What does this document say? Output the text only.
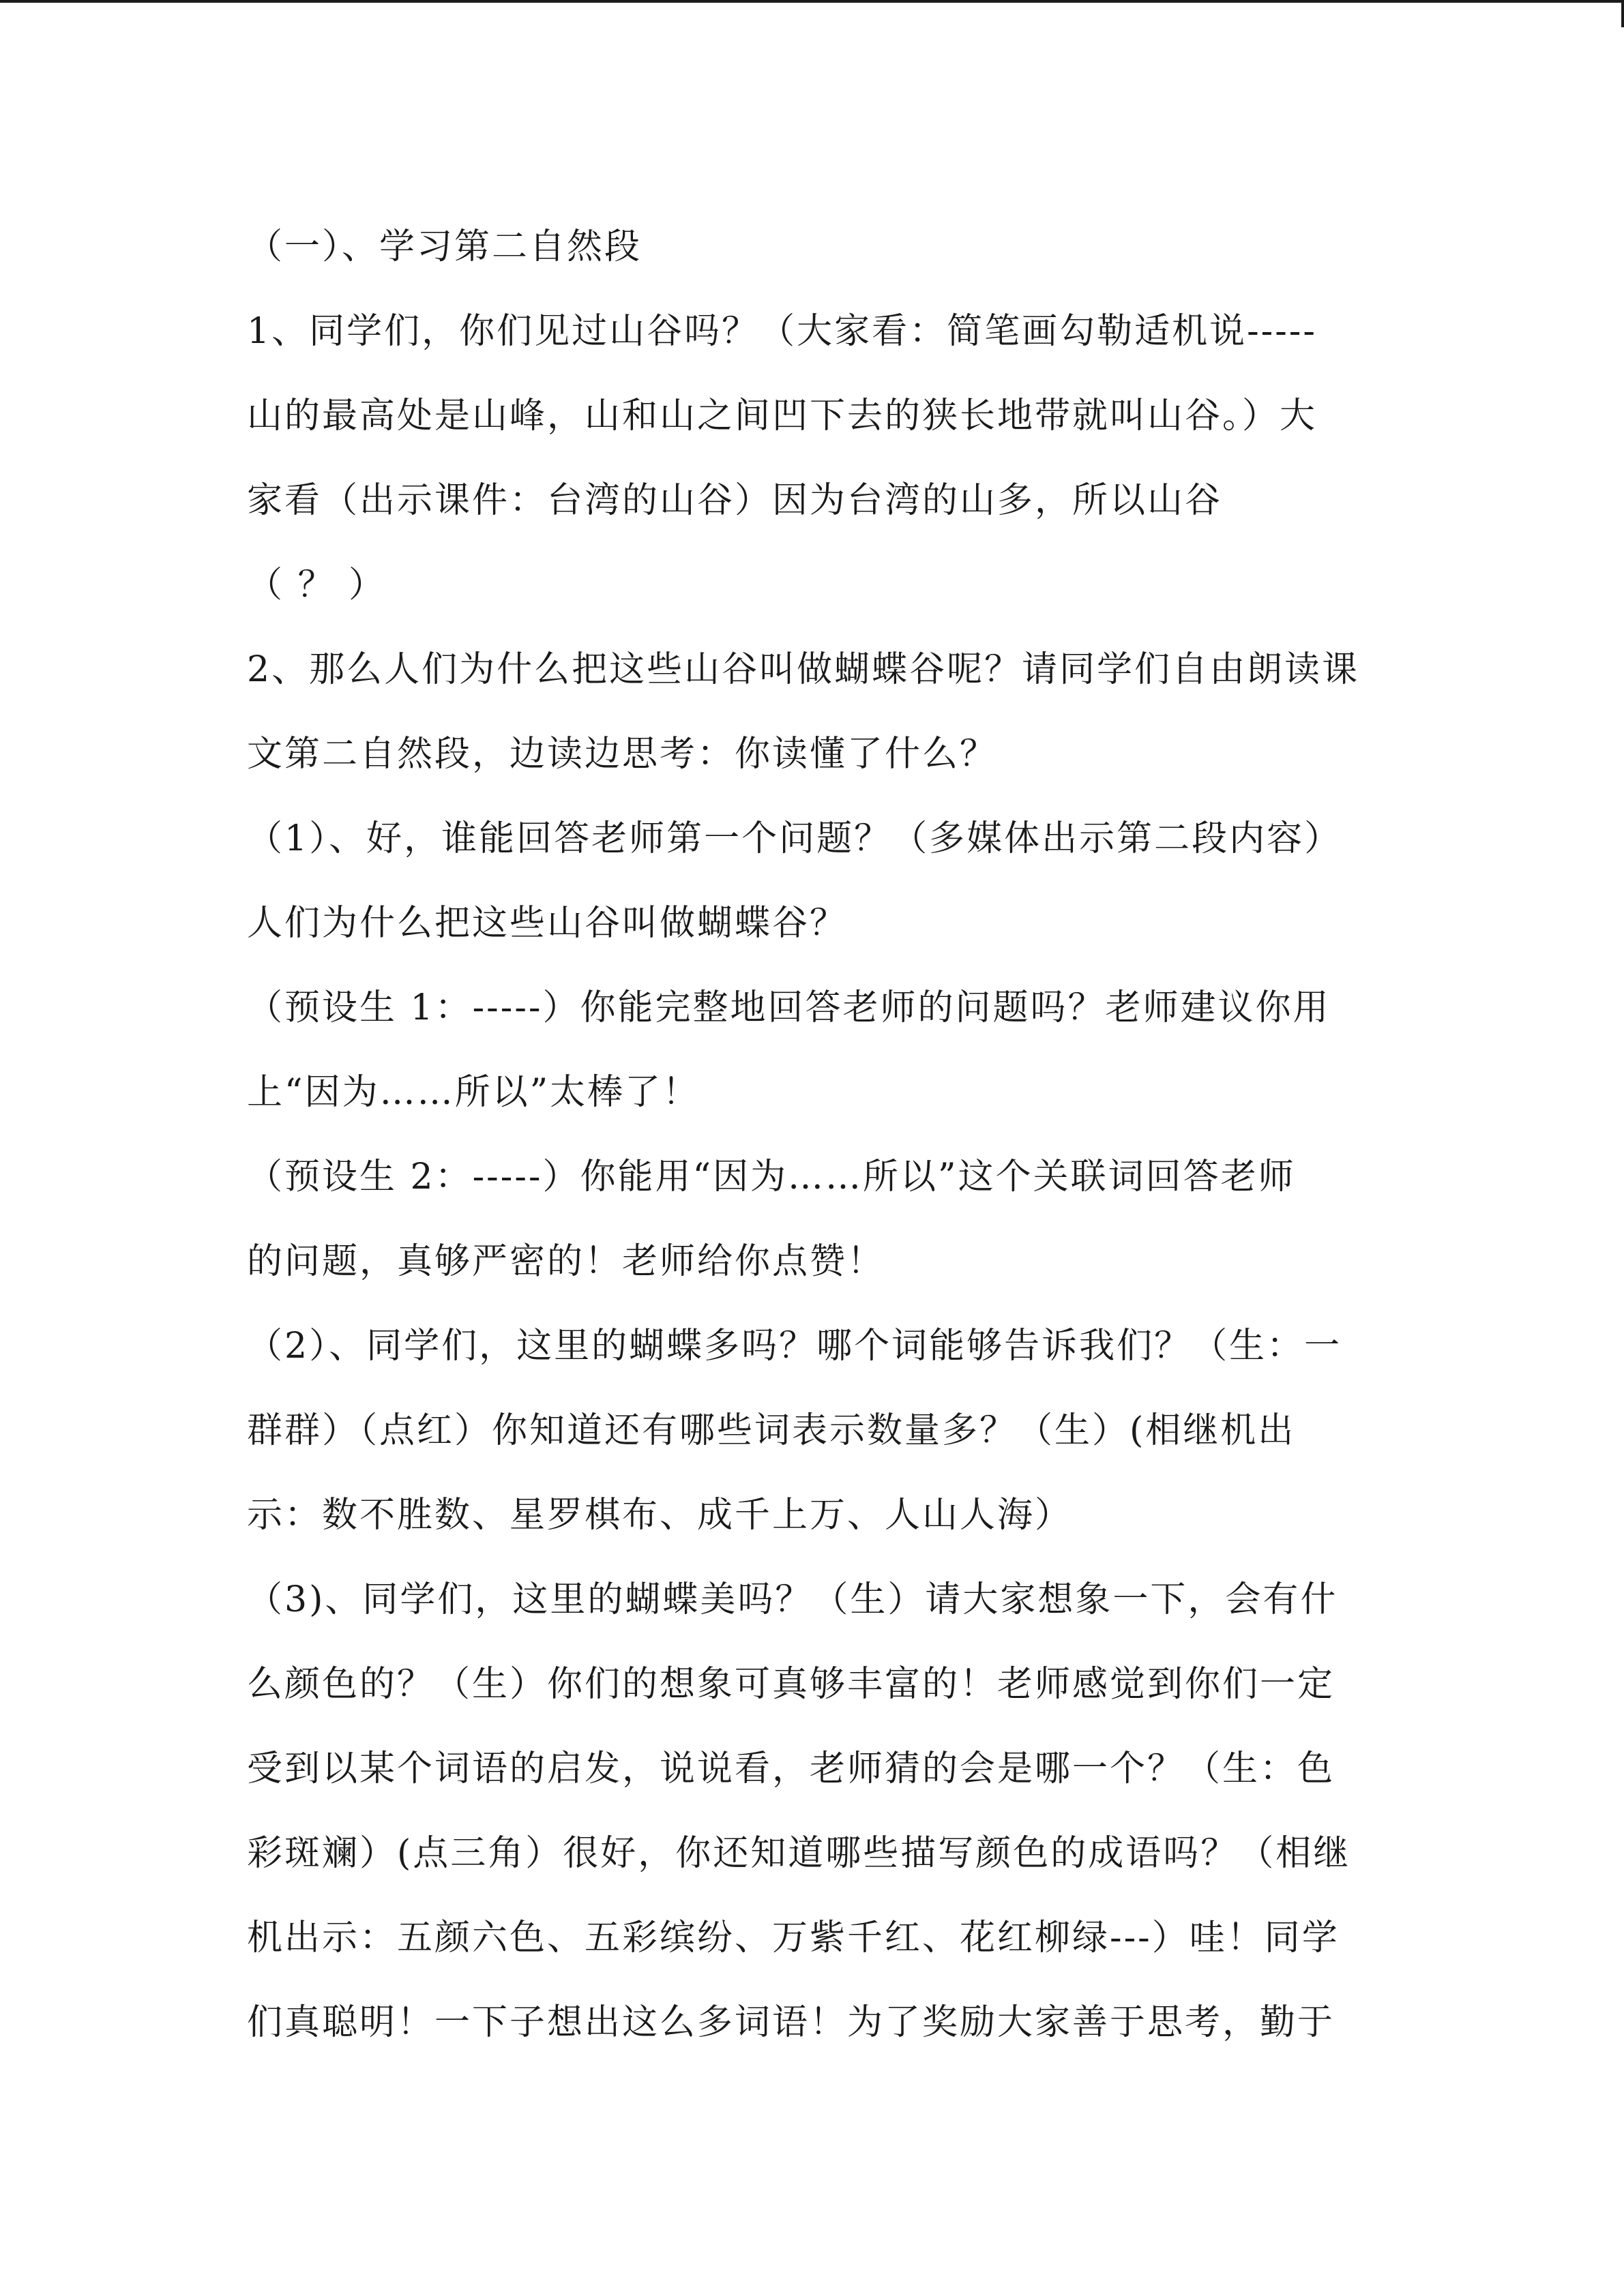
（一）、学习第二自然段
1、同学们，你们见过山谷吗？（大家看：简笔画勾勒适机说-----
山的最高处是山峰，山和山之间凹下去的狭长地带就叫山谷。）大
家看（出示课件：台湾的山谷）因为台湾的山多，所以山谷
（ ？ ）
2、那么人们为什么把这些山谷叫做蝴蝶谷呢？请同学们自由朗读课
文第二自然段，边读边思考：你读懂了什么？
（1）、好，谁能回答老师第一个问题？（多媒体出示第二段内容）
人们为什么把这些山谷叫做蝴蝶谷？
（预设生 1：-----）你能完整地回答老师的问题吗？老师建议你用
上“因为……所以”太棒了！
（预设生 2：-----）你能用“因为……所以”这个关联词回答老师
的问题，真够严密的！老师给你点赞！
（2）、同学们，这里的蝴蝶多吗？哪个词能够告诉我们？（生：一
群群）（点红）你知道还有哪些词表示数量多？（生）(相继机出
示：数不胜数、星罗棋布、成千上万、人山人海）
（3)、同学们，这里的蝴蝶美吗？（生）请大家想象一下，会有什
么颜色的？（生）你们的想象可真够丰富的！老师感觉到你们一定
受到以某个词语的启发，说说看，老师猜的会是哪一个？（生：色
彩斑斓）(点三角）很好，你还知道哪些描写颜色的成语吗？（相继
机出示：五颜六色、五彩缤纷、万紫千红、花红柳绿---）哇！同学
们真聪明！一下子想出这么多词语！为了奖励大家善于思考，勤于
